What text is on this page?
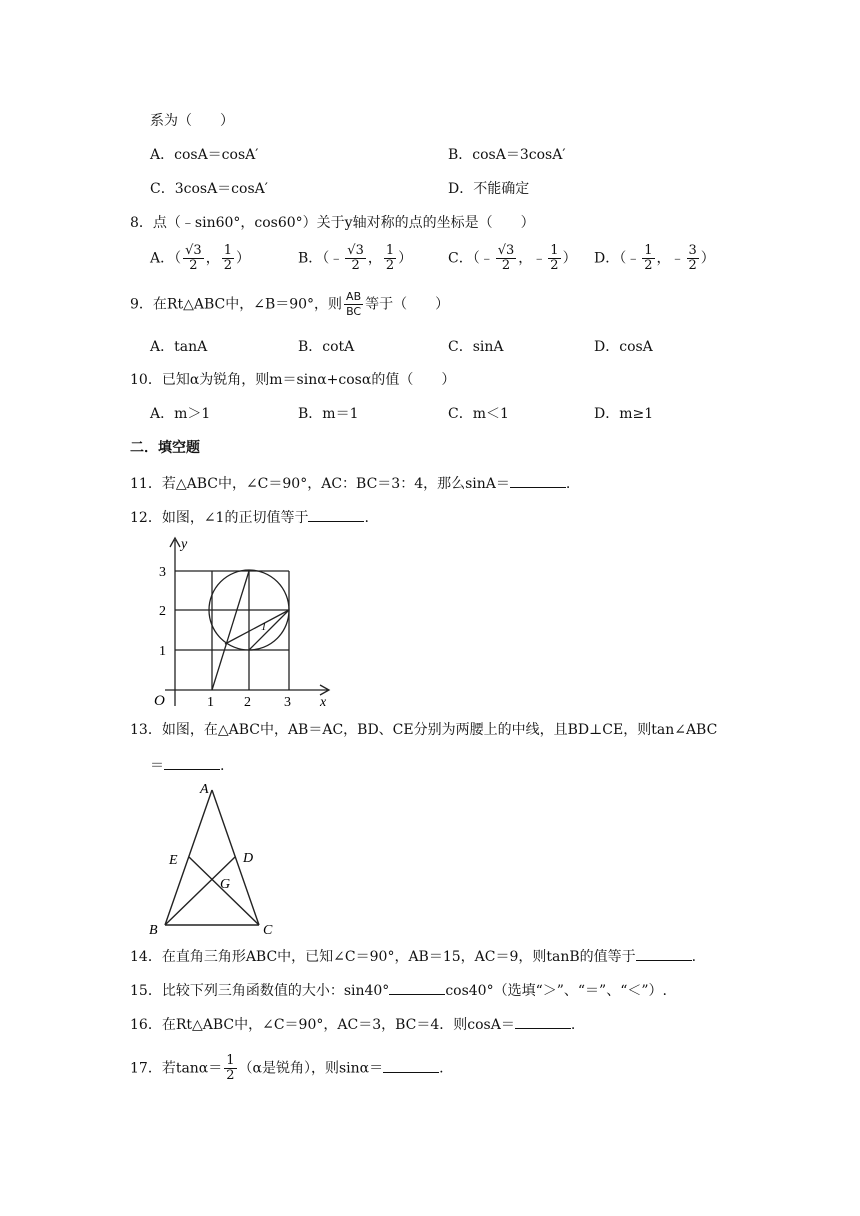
系为（　　）
A．cosA＝cosA′	B．cosA＝3cosA′
C．3cosA＝cosA′	D．不能确定
8．点（﹣sin60°，cos60°）关于y轴对称的点的坐标是（　　）
A．（ $\frac{√3}{2}$ ， $\frac{1}{2}$ ）	B．（﹣ $\frac{√3}{2}$ ， $\frac{1}{2}$ ）	C．（﹣ $\frac{√3}{2}$ ，﹣ $\frac{1}{2}$ ） D．（﹣ $\frac{1}{2}$ ，﹣ $\frac{3}{2}$ ）
9．在Rt△ABC中，∠B＝90°，则 $\frac{AB}{BC}$ 等于（　　）
A．tanA	B．cotA	C．sinA	D．cosA
10．已知α为锐角，则m＝sinα+cosα的值（　　）
A．m＞1	B．m＝1	C．m＜1	D．m≥1
二．填空题
11．若△ABC中，∠C＝90°，AC：BC＝3：4，那么sinA＝	.
12．如图，∠1的正切值等于	.
y
x
O	1 2 3
1
2
3
1
13．如图，在△ABC中，AB＝AC，BD、CE分别为两腰上的中线，且BD⊥CE，则tan∠ABC
＝	.
A
B	C
D
E
G
14．在直角三角形ABC中，已知∠C＝90°，AB＝15，AC＝9，则tanB的值等于	.
15．比较下列三角函数值的大小：sin40°	cos40°（选填“＞”、“＝”、“＜”）.
16．在Rt△ABC中，∠C＝90°，AC＝3，BC＝4．则cosA＝	.
17．若$\tan\alpha= \frac{1}{2} (\alpha$是锐角），则sinα＝	.
